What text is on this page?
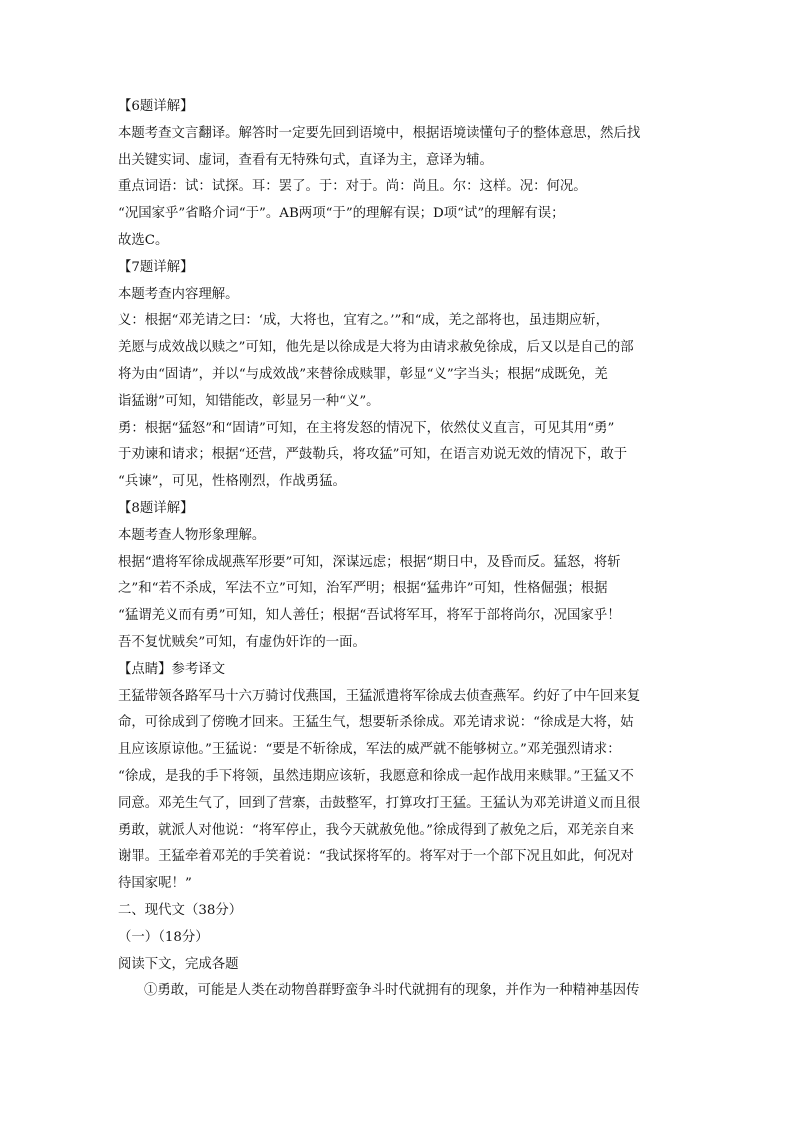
【6题详解】
本题考查文言翻译。解答时一定要先回到语境中，根据语境读懂句子的整体意思，然后找
出关键实词、虚词，查看有无特殊句式，直译为主，意译为辅。
重点词语：试：试探。耳：罢了。于：对于。尚：尚且。尔：这样。况：何况。
“况国家乎”省略介词“于”。AB两项“于”的理解有误；D项“试”的理解有误；
故选C。
【7题详解】
本题考查内容理解。
义：根据“邓羌请之曰：‘成，大将也，宜宥之。’”和“成，羌之部将也，虽违期应斩，
羌愿与成效战以赎之”可知，他先是以徐成是大将为由请求赦免徐成，后又以是自己的部
将为由“固请”，并以“与成效战”来替徐成赎罪，彰显“义”字当头；根据“成既免，羌
诣猛谢”可知，知错能改，彰显另一种“义”。
勇：根据“猛怒”和“固请”可知，在主将发怒的情况下，依然仗义直言，可见其用“勇”
于劝谏和请求；根据“还营，严鼓勒兵，将攻猛”可知，在语言劝说无效的情况下，敢于
“兵谏”，可见，性格刚烈，作战勇猛。
【8题详解】
本题考查人物形象理解。
根据“遣将军徐成觇燕军形要”可知，深谋远虑；根据“期日中，及昏而反。猛怒，将斩
之”和“若不杀成，军法不立”可知，治军严明；根据“猛弗许”可知，性格倔强；根据
“猛谓羌义而有勇”可知，知人善任；根据“吾试将军耳，将军于部将尚尔，况国家乎！
吾不复忧贼矣”可知，有虚伪奸诈的一面。
【点睛】参考译文
王猛带领各路军马十六万骑讨伐燕国，王猛派遣将军徐成去侦查燕军。约好了中午回来复
命，可徐成到了傍晚才回来。王猛生气，想要斩杀徐成。邓羌请求说：“徐成是大将，姑
且应该原谅他。”王猛说：“要是不斩徐成，军法的威严就不能够树立。”邓羌强烈请求：
“徐成，是我的手下将领，虽然违期应该斩，我愿意和徐成一起作战用来赎罪。”王猛又不
同意。邓羌生气了，回到了营寨，击鼓整军，打算攻打王猛。王猛认为邓羌讲道义而且很
勇敢，就派人对他说：“将军停止，我今天就赦免他。”徐成得到了赦免之后，邓羌亲自来
谢罪。王猛牵着邓羌的手笑着说：“我试探将军的。将军对于一个部下况且如此，何况对
待国家呢！”
二、现代文（38分）
（一）（18分）
阅读下文，完成各题
①勇敢，可能是人类在动物兽群野蛮争斗时代就拥有的现象，并作为一种精神基因传
